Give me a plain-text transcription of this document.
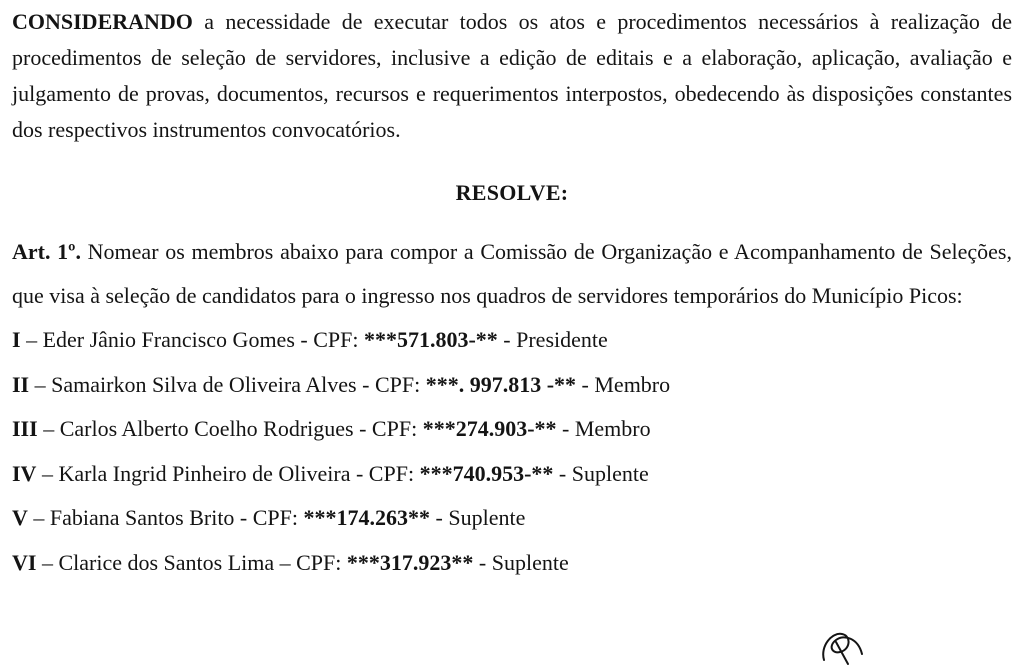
CONSIDERANDO a necessidade de executar todos os atos e procedimentos necessários à realização de procedimentos de seleção de servidores, inclusive a edição de editais e a elaboração, aplicação, avaliação e julgamento de provas, documentos, recursos e requerimentos interpostos, obedecendo às disposições constantes dos respectivos instrumentos convocatórios.

RESOLVE:

Art. 1º. Nomear os membros abaixo para compor a Comissão de Organização e Acompanhamento de Seleções, que visa à seleção de candidatos para o ingresso nos quadros de servidores temporários do Município Picos:

I – Eder Jânio Francisco Gomes - CPF: ***571.803-** - Presidente
II – Samairkon Silva de Oliveira Alves - CPF: ***. 997.813 -** - Membro
III – Carlos Alberto Coelho Rodrigues - CPF: ***274.903-** - Membro
IV – Karla Ingrid Pinheiro de Oliveira - CPF: ***740.953-** - Suplente
V – Fabiana Santos Brito - CPF: ***174.263** - Suplente
VI – Clarice dos Santos Lima – CPF: ***317.923** - Suplente
